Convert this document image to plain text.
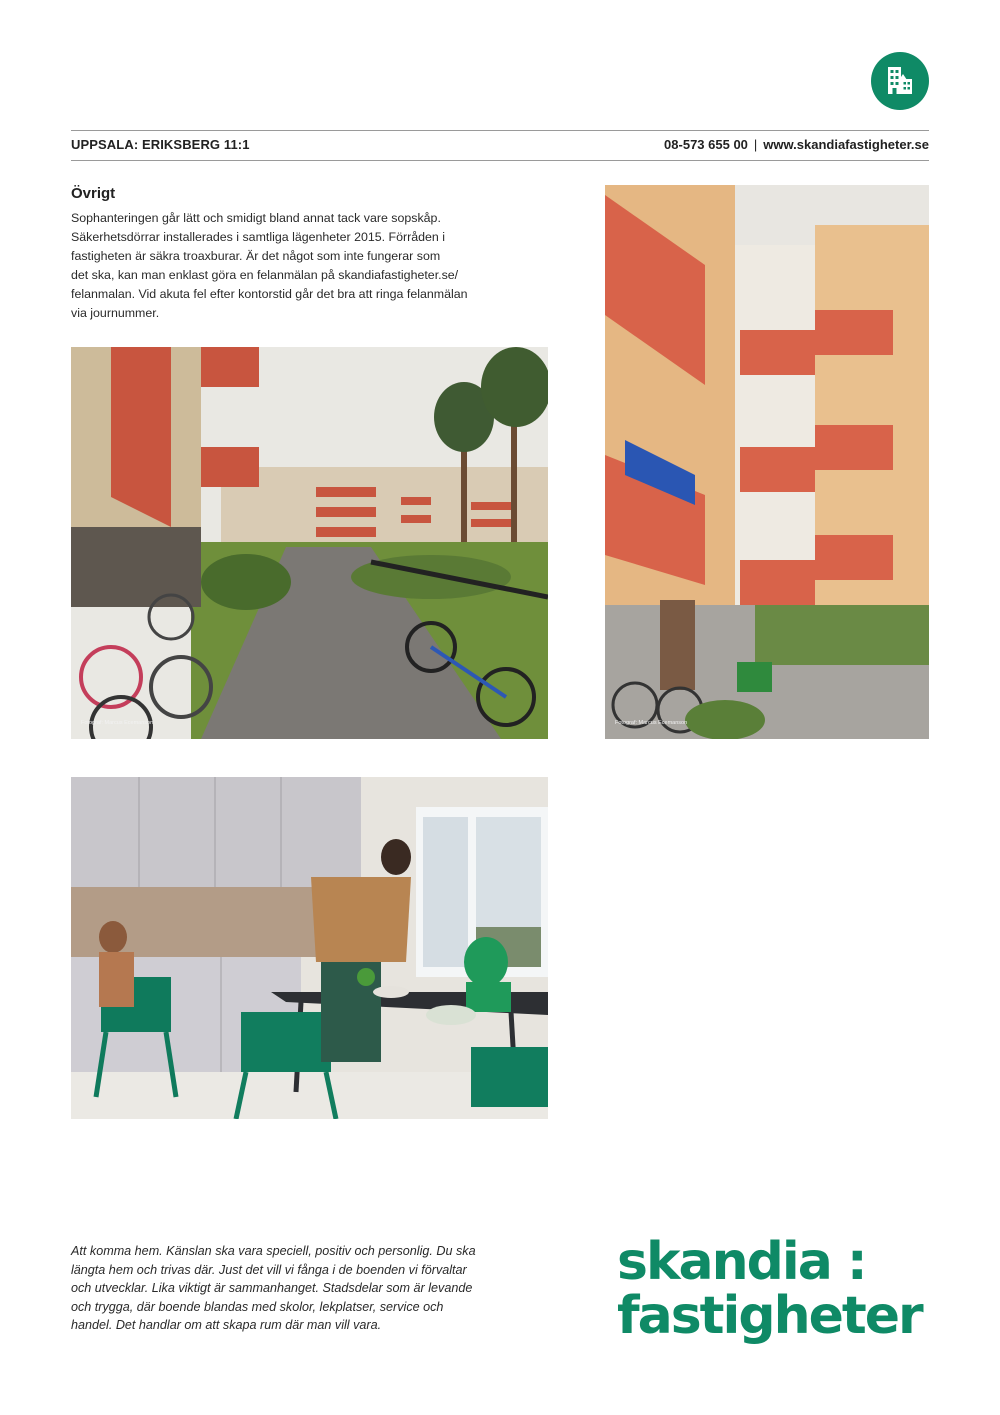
UPPSALA: ERIKSBERG 11:1	08-573 655 00 | www.skandiafastigheter.se
Övrigt

Sophanteringen går lätt och smidigt bland annat tack vare sopskåp.

Säkerhetsdörrar installerades i samtliga lägenheter 2015. Förråden i

fastigheten är säkra troaxburar. Är det något som inte fungerar som

det ska, kan man enklast göra en felanmälan på skandiafastigheter.se/

felanmalan. Vid akuta fel efter kontorstid går det bra att ringa felanmälan

via journummer.

Fotograf: Marcus Ecemanson	Fotograf: Marcus Ecemanson
Att komma hem. Känslan ska vara speciell, positiv och personlig. Du ska
längta hem och trivas där. Just det vill vi fånga i de boenden vi förvaltar
och utvecklar. Lika viktigt är sammanhanget. Stadsdelar som är levande
och trygga, där boende blandas med skolor, lekplatser, service och
handel. Det handlar om att skapa rum där man vill vara.
skandia :
fastigheter
